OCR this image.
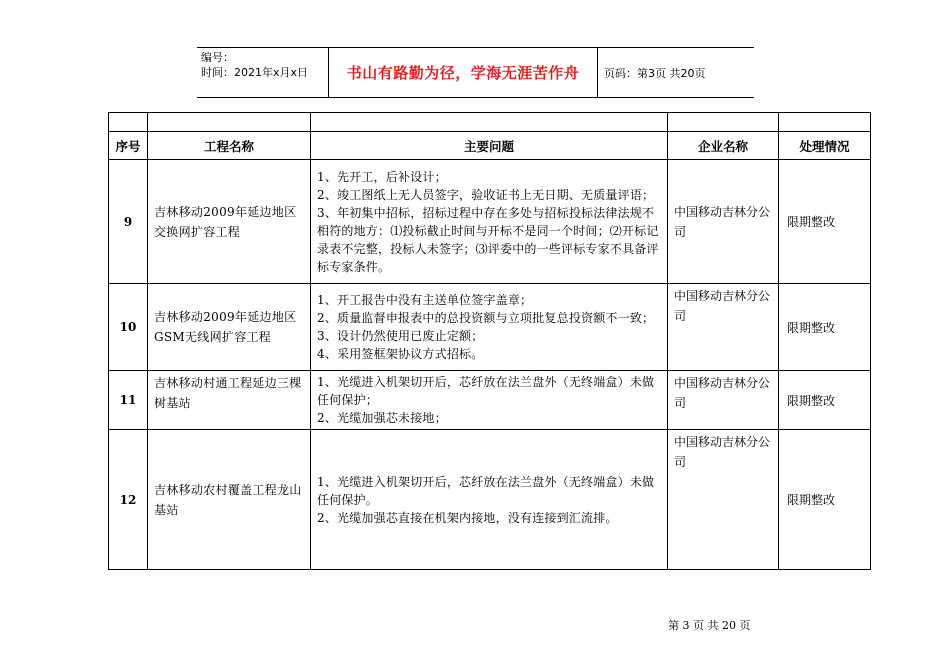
编号：
时间：2021年x月x日	书山有路勤为径，学海无涯苦作舟	页码：第3页 共20页

序号	工程名称	主要问题	企业名称	处理情况
9	吉林移动2009年延边地区交换网扩容工程	1、先开工，后补设计；
2、竣工图纸上无人员签字，验收证书上无日期、无质量评语；
3、年初集中招标，招标过程中存在多处与招标投标法律法规不相符的地方：⑴投标截止时间与开标不是同一个时间；⑵开标记录表不完整，投标人未签字；⑶评委中的一些评标专家不具备评标专家条件。	中国移动吉林分公司	限期整改
10	吉林移动2009年延边地区GSM无线网扩容工程	1、开工报告中没有主送单位签字盖章；
2、质量监督申报表中的总投资额与立项批复总投资额不一致；
3、设计仍然使用已废止定额；
4、采用签框架协议方式招标。	中国移动吉林分公司	限期整改
11	吉林移动村通工程延边三棵树基站	1、光缆进入机架切开后，芯纤放在法兰盘外（无终端盒）未做任何保护；
2、光缆加强芯未接地；	中国移动吉林分公司	限期整改
12	吉林移动农村覆盖工程龙山基站	1、光缆进入机架切开后，芯纤放在法兰盘外（无终端盒）未做任何保护。
2、光缆加强芯直接在机架内接地，没有连接到汇流排。	中国移动吉林分公司	限期整改
第 3 页 共 20 页
